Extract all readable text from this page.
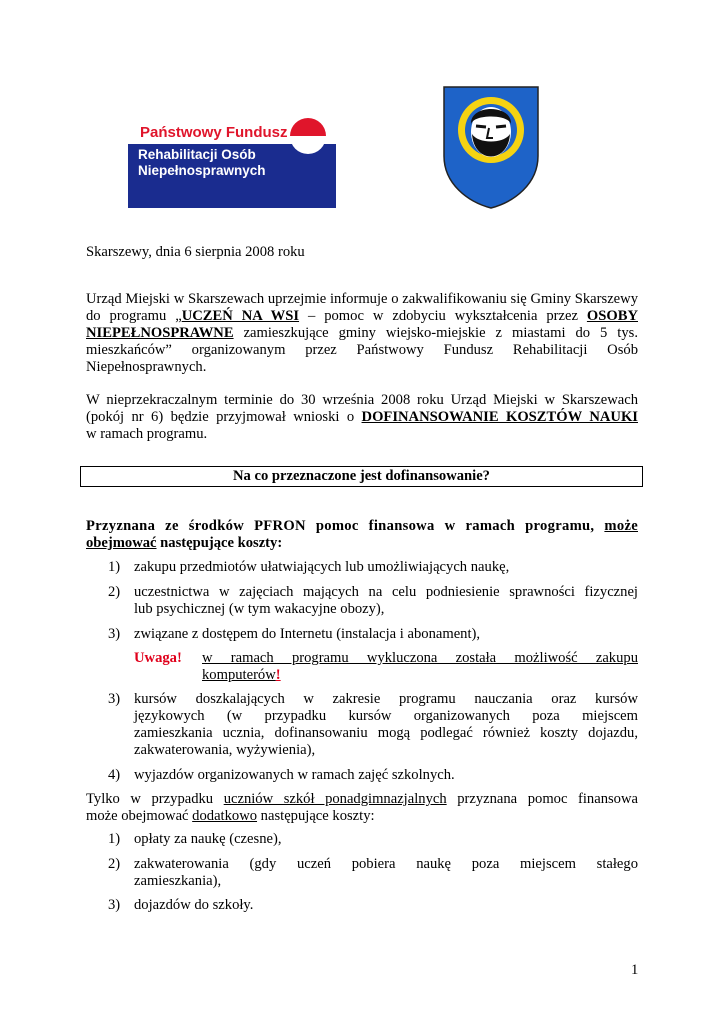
Państwowy Fundusz
Rehabilitacji Osób
Niepełnosprawnych

Skarszewy, dnia 6 sierpnia 2008 roku

Urząd Miejski w Skarszewach uprzejmie informuje o zakwalifikowaniu się Gminy Skarszewy

do programu „UCZEŃ NA WSI – pomoc w zdobyciu wykształcenia przez OSOBY

NIEPEŁNOSPRAWNE zamieszkujące gminy wiejsko-miejskie z miastami do 5 tys.

mieszkańców” organizowanym przez Państwowy Fundusz Rehabilitacji Osób

Niepełnosprawnych.

W nieprzekraczalnym terminie do 30 września 2008 roku Urząd Miejski w Skarszewach

(pokój nr 6) będzie przyjmował wnioski o DOFINANSOWANIE KOSZTÓW NAUKI

w ramach programu.

Na co przeznaczone jest dofinansowanie?

Przyznana ze środków PFRON pomoc finansowa w ramach programu, może

obejmować następujące koszty:

1) zakupu przedmiotów ułatwiających lub umożliwiających naukę,
2) uczestnictwa w zajęciach mających na celu podniesienie sprawności fizycznej
lub psychicznej (w tym wakacyjne obozy),
3) związane z dostępem do Internetu (instalacja i abonament),
Uwaga! w ramach programu wykluczona została możliwość zakupu
komputerów!
3) kursów doszkalających w zakresie programu nauczania oraz kursów
językowych (w przypadku kursów organizowanych poza miejscem
zamieszkania ucznia, dofinansowaniu mogą podlegać również koszty dojazdu,
zakwaterowania, wyżywienia),
4) wyjazdów organizowanych w ramach zajęć szkolnych.

Tylko w przypadku uczniów szkół ponadgimnazjalnych przyznana pomoc finansowa

może obejmować dodatkowo następujące koszty:

1) opłaty za naukę (czesne),
2) zakwaterowania (gdy uczeń pobiera naukę poza miejscem stałego
zamieszkania),
3) dojazdów do szkoły.
1
